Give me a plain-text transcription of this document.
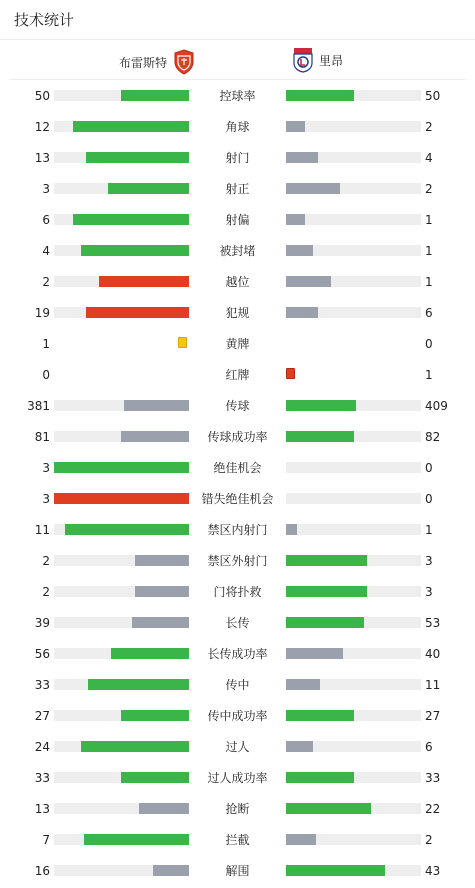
技术统计
布雷斯特	里昂
50	控球率	50
12	角球	2
13	射门	4
3	射正	2
6	射偏	1
4	被封堵	1
2	越位	1
19	犯规	6
1	黄牌	0
0	红牌	1
381	传球	409
81	传球成功率	82
3	绝佳机会	0
3	错失绝佳机会	0
11	禁区内射门	1
2	禁区外射门	3
2	门将扑救	3
39	长传	53
56	长传成功率	40
33	传中	11
27	传中成功率	27
24	过人	6
33	过人成功率	33
13	抢断	22
7	拦截	2
16	解围	43
